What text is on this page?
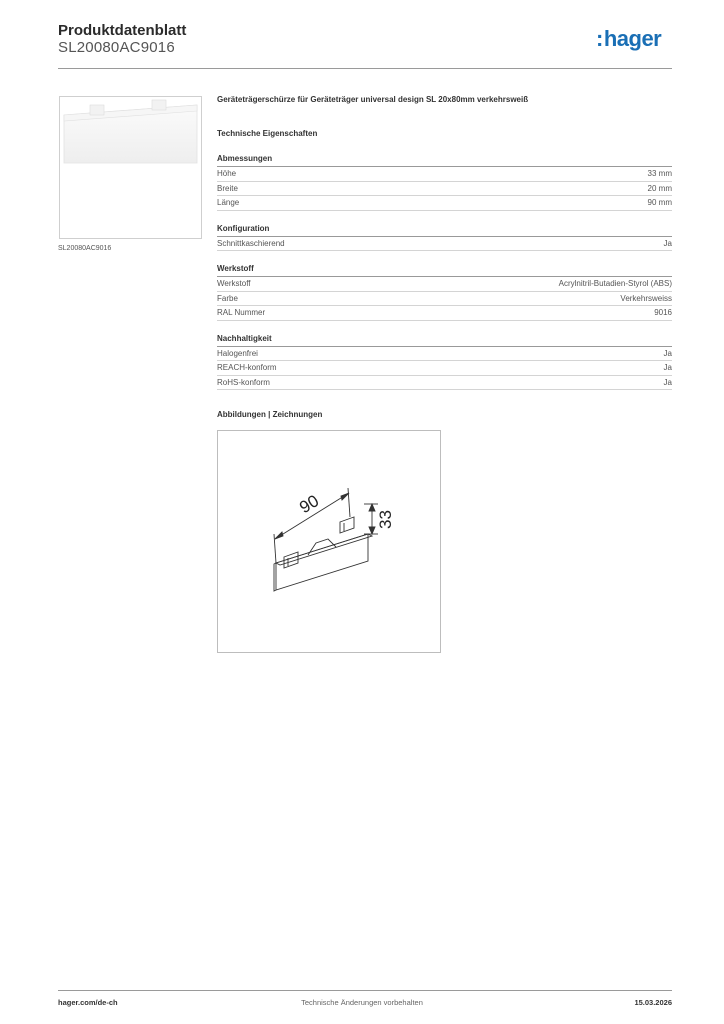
Produktdatenblatt
SL20080AC9016	:hager
SL20080AC9016
Geräteträgerschürze für Geräteträger universal design SL 20x80mm verkehrsweiß
Technische Eigenschaften
Abmessungen
Höhe	33 mm
Breite	20 mm
Länge	90 mm
Konfiguration
Schnittkaschierend	Ja
Werkstoff
Werkstoff	Acrylnitril-Butadien-Styrol (ABS)
Farbe	Verkehrsweiss
RAL Nummer	9016
Nachhaltigkeit
Halogenfrei	Ja
REACH-konform	Ja
RoHS-konform	Ja
Abbildungen | Zeichnungen
90
33
hager.com/de-ch	Technische Änderungen vorbehalten	15.03.2026
